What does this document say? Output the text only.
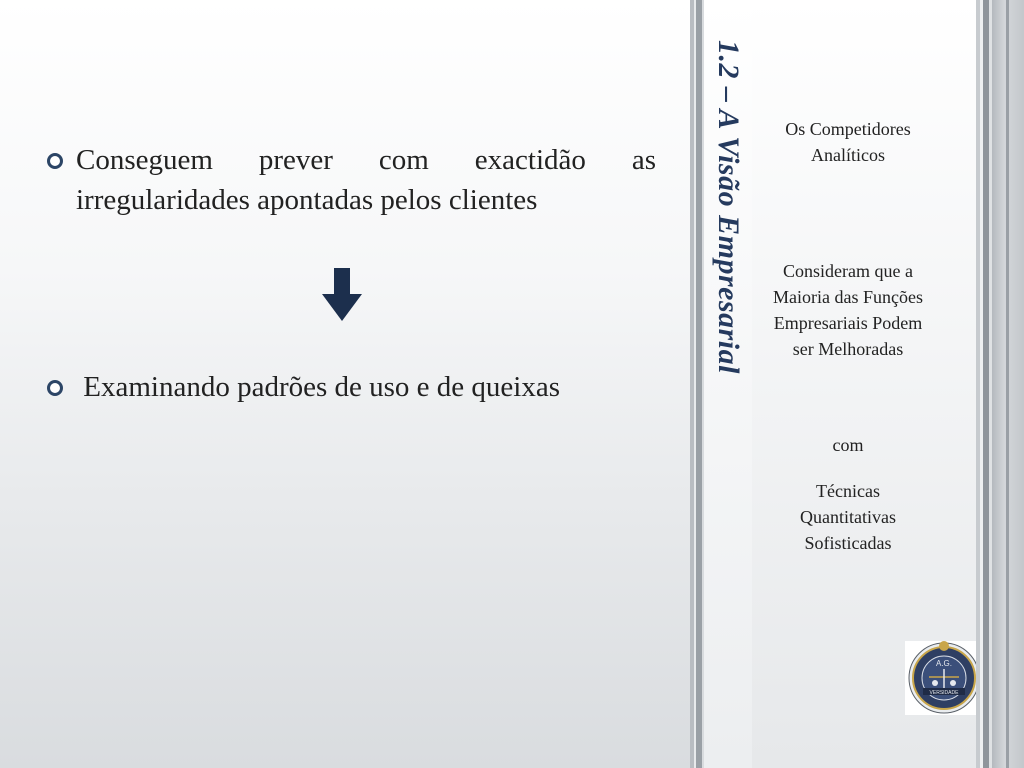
Conseguem prever com exactidão as irregularidades apontadas pelos clientes
Examinando padrões de uso e de queixas
1.2 – A Visão Empresarial	Os Competidores Analíticos
Consideram que a Maioria das Funções Empresariais Podem ser Melhoradas
com
Técnicas Quantitativas Sofisticadas
A.G.
VERSIDADE
